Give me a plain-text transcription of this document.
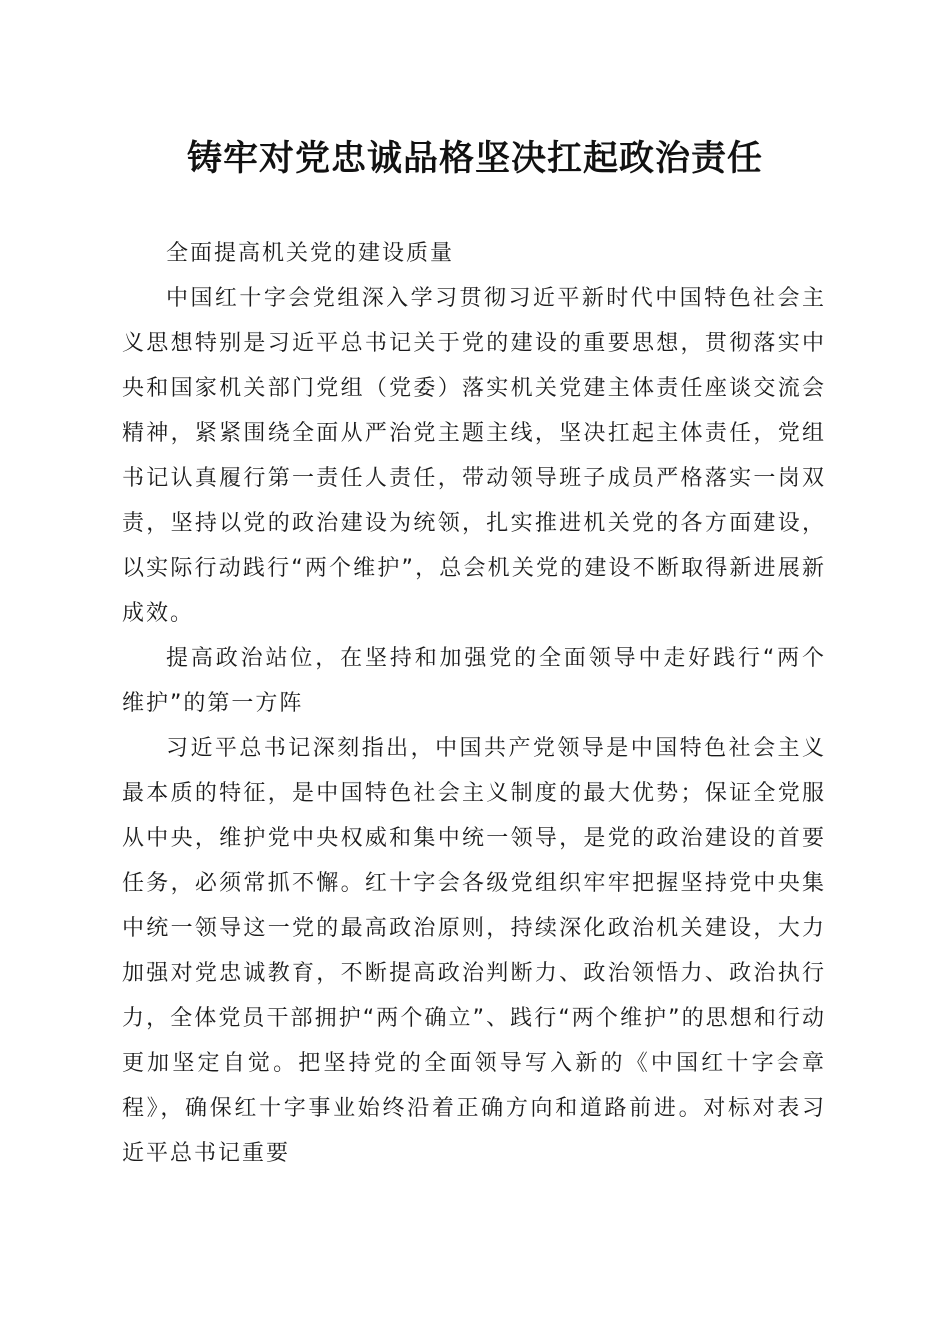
铸牢对党忠诚品格坚决扛起政治责任

全面提高机关党的建设质量

中国红十字会党组深入学习贯彻习近平新时代中国特色社会主义思想特别是习近平总书记关于党的建设的重要思想，贯彻落实中央和国家机关部门党组（党委）落实机关党建主体责任座谈交流会精神，紧紧围绕全面从严治党主题主线，坚决扛起主体责任，党组书记认真履行第一责任人责任，带动领导班子成员严格落实一岗双责，坚持以党的政治建设为统领，扎实推进机关党的各方面建设，以实际行动践行“两个维护”，总会机关党的建设不断取得新进展新成效。

提高政治站位，在坚持和加强党的全面领导中走好践行“两个维护”的第一方阵

习近平总书记深刻指出，中国共产党领导是中国特色社会主义最本质的特征，是中国特色社会主义制度的最大优势；保证全党服从中央，维护党中央权威和集中统一领导，是党的政治建设的首要任务，必须常抓不懈。红十字会各级党组织牢牢把握坚持党中央集中统一领导这一党的最高政治原则，持续深化政治机关建设，大力加强对党忠诚教育，不断提高政治判断力、政治领悟力、政治执行力，全体党员干部拥护“两个确立”、践行“两个维护”的思想和行动更加坚定自觉。把坚持党的全面领导写入新的《中国红十字会章程》，确保红十字事业始终沿着正确方向和道路前进。对标对表习近平总书记重要
